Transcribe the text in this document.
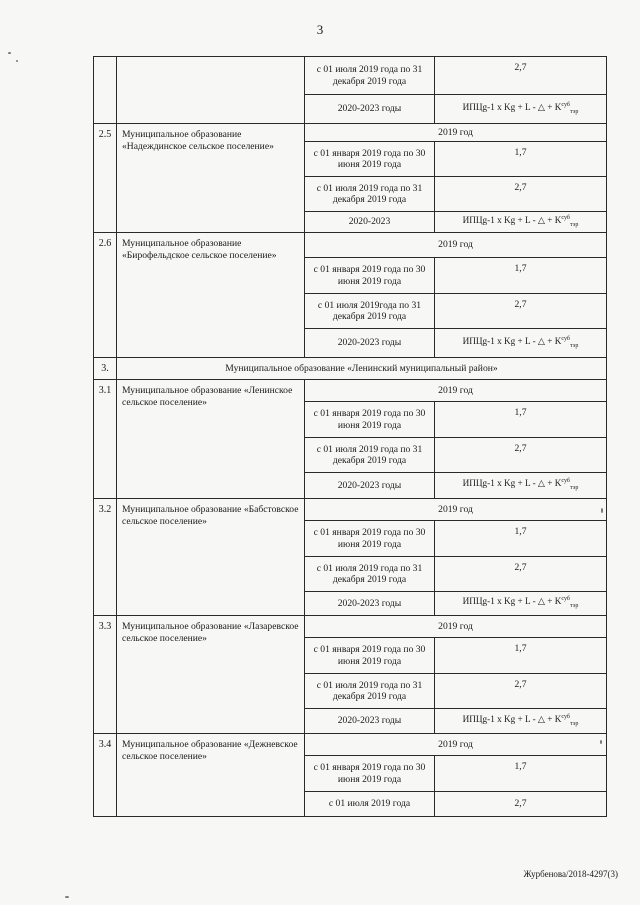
3
		с 01 июля 2019 года по 31 декабря 2019 года	2,7
		2020-2023 годы	ИПЦg-1 x Kg + L - △ + $K^{суб}_{тэр}$
2.5	Муниципальное образование «Надеждинское сельское поселение»	2019 год	
		с 01 января 2019 года по 30 июня 2019 года	1,7
		с 01 июля 2019 года по 31 декабря 2019 года	2,7
		2020-2023	ИПЦg-1 x Kg + L - △ + $K^{суб}_{тэр}$
2.6	Муниципальное образование «Бирофельдское сельское поселение»	2019 год	
		с 01 января 2019 года по 30 июня 2019 года	1,7
		с 01 июля 2019года по 31 декабря 2019 года	2,7
		2020-2023 годы	ИПЦg-1 x Kg + L - △ + $K^{суб}_{тэр}$
3.	Муниципальное образование «Ленинский муниципальный район»		
3.1	Муниципальное образование «Ленинское сельское поселение»	2019 год	
		с 01 января 2019 года по 30 июня 2019 года	1,7
		с 01 июля 2019 года по 31 декабря 2019 года	2,7
		2020-2023 годы	ИПЦg-1 x Kg + L - △ + $K^{суб}_{тэр}$
3.2	Муниципальное образование «Бабстовское сельское поселение»	2019 год	
		с 01 января 2019 года по 30 июня 2019 года	1,7
		с 01 июля 2019 года по 31 декабря 2019 года	2,7
		2020-2023 годы	ИПЦg-1 x Kg + L - △ + $K^{суб}_{тэр}$
3.3	Муниципальное образование «Лазаревское сельское поселение»	2019 год	
		с 01 января 2019 года по 30 июня 2019 года	1,7
		с 01 июля 2019 года по 31 декабря 2019 года	2,7
		2020-2023 годы	ИПЦg-1 x Kg + L - △ + $K^{суб}_{тэр}$
3.4	Муниципальное образование «Дежневское сельское поселение»	2019 год	
		с 01 января 2019 года по 30 июня 2019 года	1,7
		с 01 июля 2019 года	2,7
Журбенова/2018-4297(3)
